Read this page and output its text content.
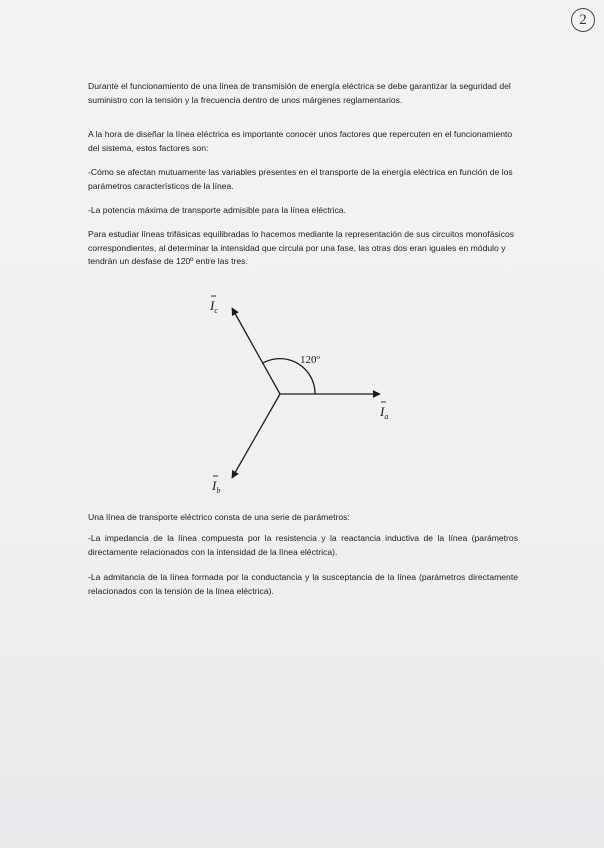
2

Durante el funcionamiento de una línea de transmisión de energía eléctrica se debe garantizar la seguridad del suministro con la tensión y la frecuencia dentro de unos márgenes reglamentarios.

A la hora de diseñar la línea eléctrica es importante conocer unos factores que repercuten en el funcionamiento del sistema, estos factores son:

-Cómo se afectan mutuamente las variables presentes en el transporte de la energía eléctrica en función de los parámetros característicos de la línea.

-La potencia máxima de transporte admisible para la línea eléctrica.

Para estudiar líneas trifásicas equilibradas lo hacemos mediante la representación de sus circuitos monofásicos correspondientes, al determinar la intensidad que circula por una fase, las otras dos eran iguales en módulo y tendrán un desfase de 120º entre las tres.

120º
$I_c$
$I_a$
$I_b$

Una línea de transporte eléctrico consta de una serie de parámetros:

-La impedancia de la línea compuesta por la resistencia y la reactancia inductiva de la línea (parámetros directamente relacionados con la intensidad de la línea eléctrica).

-La admitancia de la línea formada por la conductancia y la susceptancia de la línea (parámetros directamente relacionados con la tensión de la línea eléctrica).
